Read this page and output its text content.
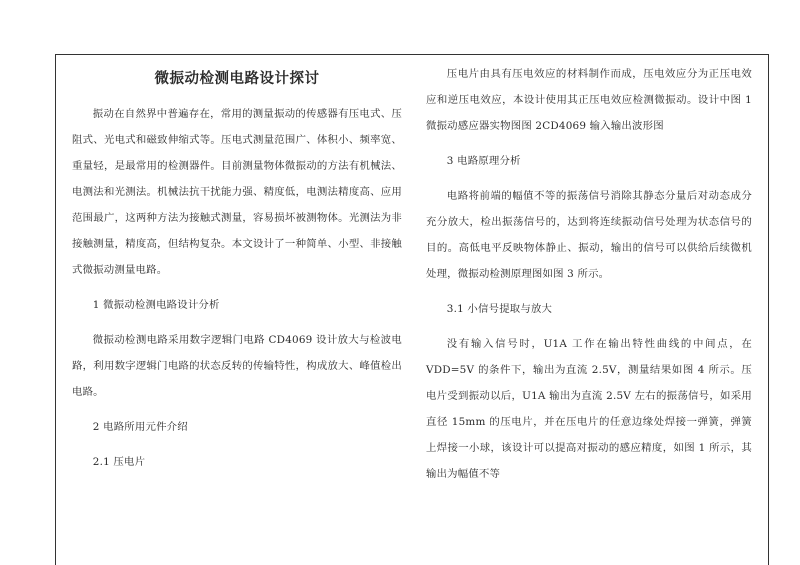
微振动检测电路设计探讨

振动在自然界中普遍存在，常用的测量振动的传感器有压电式、压阻式、光电式和磁致伸缩式等。压电式测量范围广、体积小、频率宽、重量轻，是最常用的检测器件。目前测量物体微振动的方法有机械法、电测法和光测法。机械法抗干扰能力强、精度低，电测法精度高、应用范围最广，这两种方法为接触式测量，容易损坏被测物体。光测法为非接触测量，精度高，但结构复杂。本文设计了一种简单、小型、非接触式微振动测量电路。

1 微振动检测电路设计分析

微振动检测电路采用数字逻辑门电路 CD4069 设计放大与检波电路，利用数字逻辑门电路的状态反转的传输特性，构成放大、峰值检出电路。

2 电路所用元件介绍

2.1 压电片

压电片由具有压电效应的材料制作而成，压电效应分为正压电效应和逆压电效应，本设计使用其正压电效应检测微振动。设计中图 1 微振动感应器实物图图 2CD4069 输入输出波形图

3 电路原理分析

电路将前端的幅值不等的振荡信号消除其静态分量后对动态成分充分放大，检出振荡信号的，达到将连续振动信号处理为状态信号的目的。高低电平反映物体静止、振动，输出的信号可以供给后续微机处理，微振动检测原理图如图 3 所示。

3.1 小信号提取与放大

没有输入信号时，U1A 工作在输出特性曲线的中间点，在 VDD=5V 的条件下，输出为直流 2.5V，测量结果如图 4 所示。压电片受到振动以后，U1A 输出为直流 2.5V 左右的振荡信号，如采用直径 15mm 的压电片，并在压电片的任意边缘处焊接一弹簧，弹簧上焊接一小球，该设计可以提高对振动的感应精度，如图 1 所示，其输出为幅值不等
